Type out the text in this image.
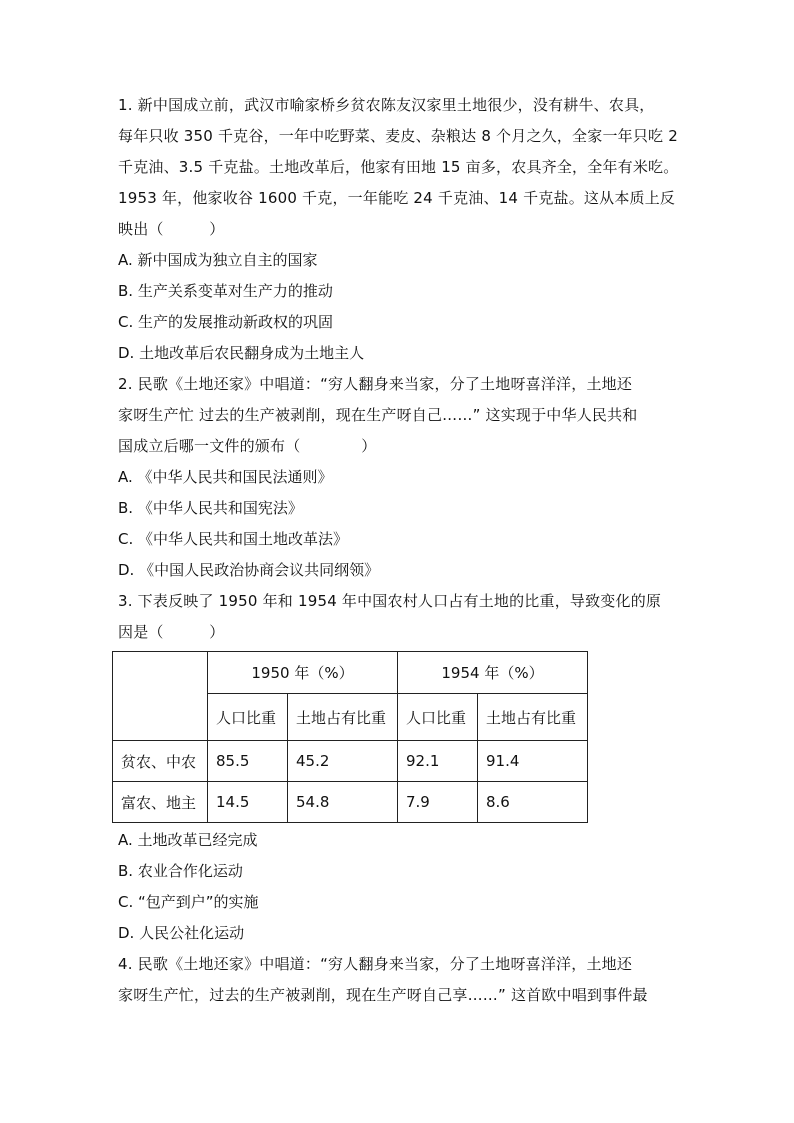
1. 新中国成立前，武汉市喻家桥乡贫农陈友汉家里土地很少，没有耕牛、农具，
每年只收 350 千克谷，一年中吃野菜、麦皮、杂粮达 8 个月之久，全家一年只吃 2
千克油、3.5 千克盐。土地改革后，他家有田地 15 亩多，农具齐全，全年有米吃。
1953 年，他家收谷 1600 千克，一年能吃 24 千克油、14 千克盐。这从本质上反
映出（　　　）
A. 新中国成为独立自主的国家
B. 生产关系变革对生产力的推动
C. 生产的发展推动新政权的巩固
D. 土地改革后农民翻身成为土地主人
2. 民歌《土地还家》中唱道：“穷人翻身来当家，分了土地呀喜洋洋，土地还
家呀生产忙 过去的生产被剥削，现在生产呀自己……” 这实现于中华人民共和
国成立后哪一文件的颁布（　　　　）
A. 《中华人民共和国民法通则》
B. 《中华人民共和国宪法》
C. 《中华人民共和国土地改革法》
D. 《中国人民政治协商会议共同纲领》
3. 下表反映了 1950 年和 1954 年中国农村人口占有土地的比重，导致变化的原
因是（　　　）
	1950 年（%）		1954 年（%）	
	人口比重	土地占有比重	人口比重	土地占有比重
贫农、中农	85.5	45.2	92.1	91.4
富农、地主	14.5	54.8	7.9	8.6
A. 土地改革已经完成
B. 农业合作化运动
C. “包产到户”的实施
D. 人民公社化运动
4. 民歌《土地还家》中唱道：“穷人翻身来当家，分了土地呀喜洋洋，土地还
家呀生产忙，过去的生产被剥削，现在生产呀自己享……” 这首欧中唱到事件最
